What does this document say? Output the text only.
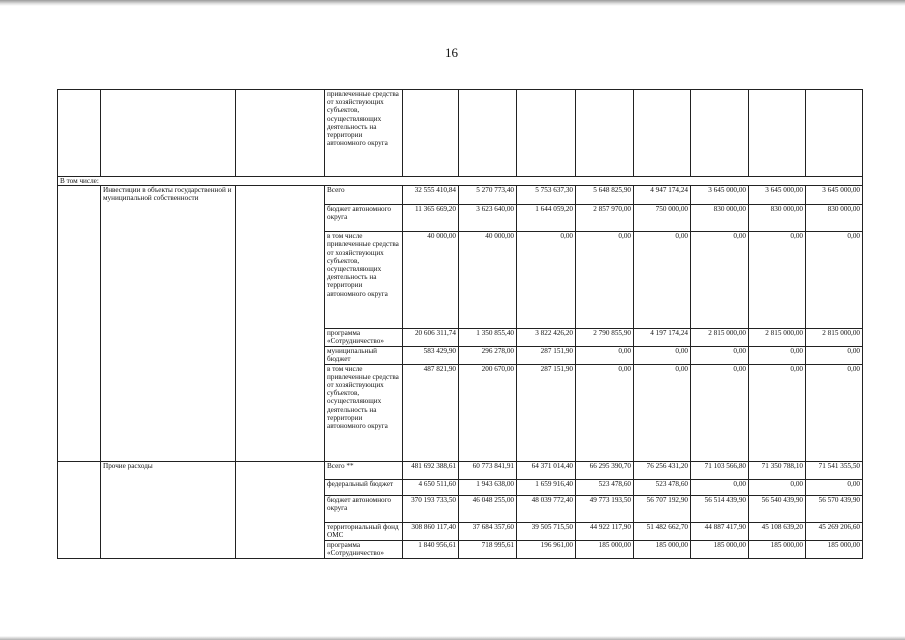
16
			привлеченные средства от хозяйствующих субъектов, осуществляющих деятельность на территории автономного округа								
В том числе:											
	Инвестиции в объекты государственной и муниципальной собственности		Всего	32 555 410,84	5 270 773,40	5 753 637,30	5 648 825,90	4 947 174,24	3 645 000,00	3 645 000,00	3 645 000,00
			бюджет автономного округа	11 365 669,20	3 623 640,00	1 644 059,20	2 857 970,00	750 000,00	830 000,00	830 000,00	830 000,00
			в том числе привлеченные средства от хозяйствующих субъектов, осуществляющих деятельность на территории автономного округа	40 000,00	40 000,00	0,00	0,00	0,00	0,00	0,00	0,00
			программа «Сотрудничество»	20 606 311,74	1 350 855,40	3 822 426,20	2 790 855,90	4 197 174,24	2 815 000,00	2 815 000,00	2 815 000,00
			муниципальный бюджет	583 429,90	296 278,00	287 151,90	0,00	0,00	0,00	0,00	0,00
			в том числе привлеченные средства от хозяйствующих субъектов, осуществляющих деятельность на территории автономного округа	487 821,90	200 670,00	287 151,90	0,00	0,00	0,00	0,00	0,00
	Прочие расходы		Всего **	481 692 388,61	60 773 841,91	64 371 014,40	66 295 390,70	76 256 431,20	71 103 566,80	71 350 788,10	71 541 355,50
			федеральный бюджет	4 650 511,60	1 943 638,00	1 659 916,40	523 478,60	523 478,60	0,00	0,00	0,00
			бюджет автономного округа	370 193 733,50	46 048 255,00	48 039 772,40	49 773 193,50	56 707 192,90	56 514 439,90	56 540 439,90	56 570 439,90
			территориальный фонд ОМС	308 860 117,40	37 684 357,60	39 505 715,50	44 922 117,90	51 482 662,70	44 887 417,90	45 108 639,20	45 269 206,60
			программа «Сотрудничество»	1 840 956,61	718 995,61	196 961,00	185 000,00	185 000,00	185 000,00	185 000,00	185 000,00
